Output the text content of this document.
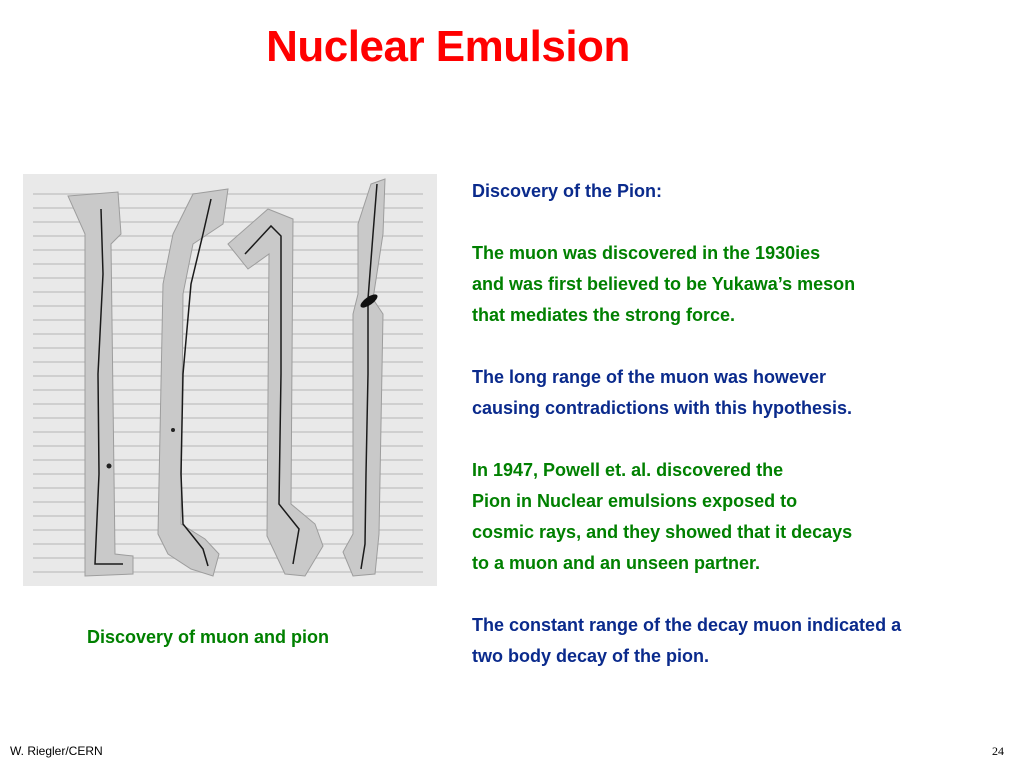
Nuclear Emulsion
Discovery of muon and pion
Discovery of the Pion:
The muon was discovered in the 1930ies
and was first believed to be Yukawa’s meson
that mediates the strong force.
The long range of the muon was however
causing contradictions with this hypothesis.
In 1947, Powell et. al. discovered the
Pion in Nuclear emulsions exposed to
cosmic rays, and they showed that it decays
to a muon and an unseen partner.
The constant range of the decay muon indicated a
two body decay of the pion.
W. Riegler/CERN	24
